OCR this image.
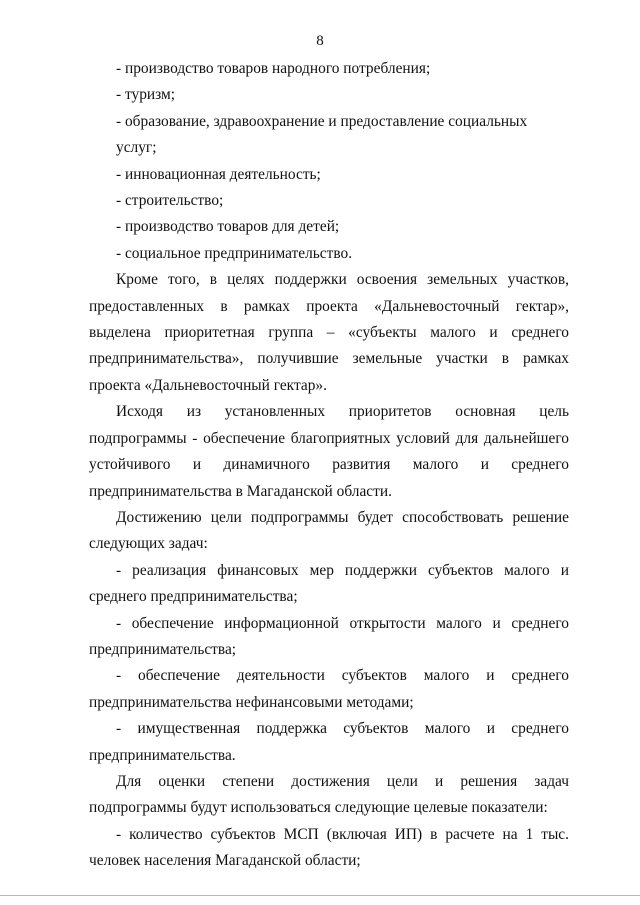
8

- производство товаров народного потребления;

- туризм;

- образование, здравоохранение и предоставление социальных услуг;

- инновационная деятельность;

- строительство;

- производство товаров для детей;

- социальное предпринимательство.

Кроме того, в целях поддержки освоения земельных участков, предоставленных в рамках проекта «Дальневосточный гектар», выделена приоритетная группа – «субъекты малого и среднего предпринимательства», получившие земельные участки в рамках проекта «Дальневосточный гектар».

Исходя из установленных приоритетов основная цель подпрограммы - обеспечение благоприятных условий для дальнейшего устойчивого и динамичного развития малого и среднего предпринимательства в Магаданской области.

Достижению цели подпрограммы будет способствовать решение следующих задач:

- реализация финансовых мер поддержки субъектов малого и среднего предпринимательства;

- обеспечение информационной открытости малого и среднего предпринимательства;

- обеспечение деятельности субъектов малого и среднего предпринимательства нефинансовыми методами;

- имущественная поддержка субъектов малого и среднего предпринимательства.

Для оценки степени достижения цели и решения задач подпрограммы будут использоваться следующие целевые показатели:

- количество субъектов МСП (включая ИП) в расчете на 1 тыс. человек населения Магаданской области;
